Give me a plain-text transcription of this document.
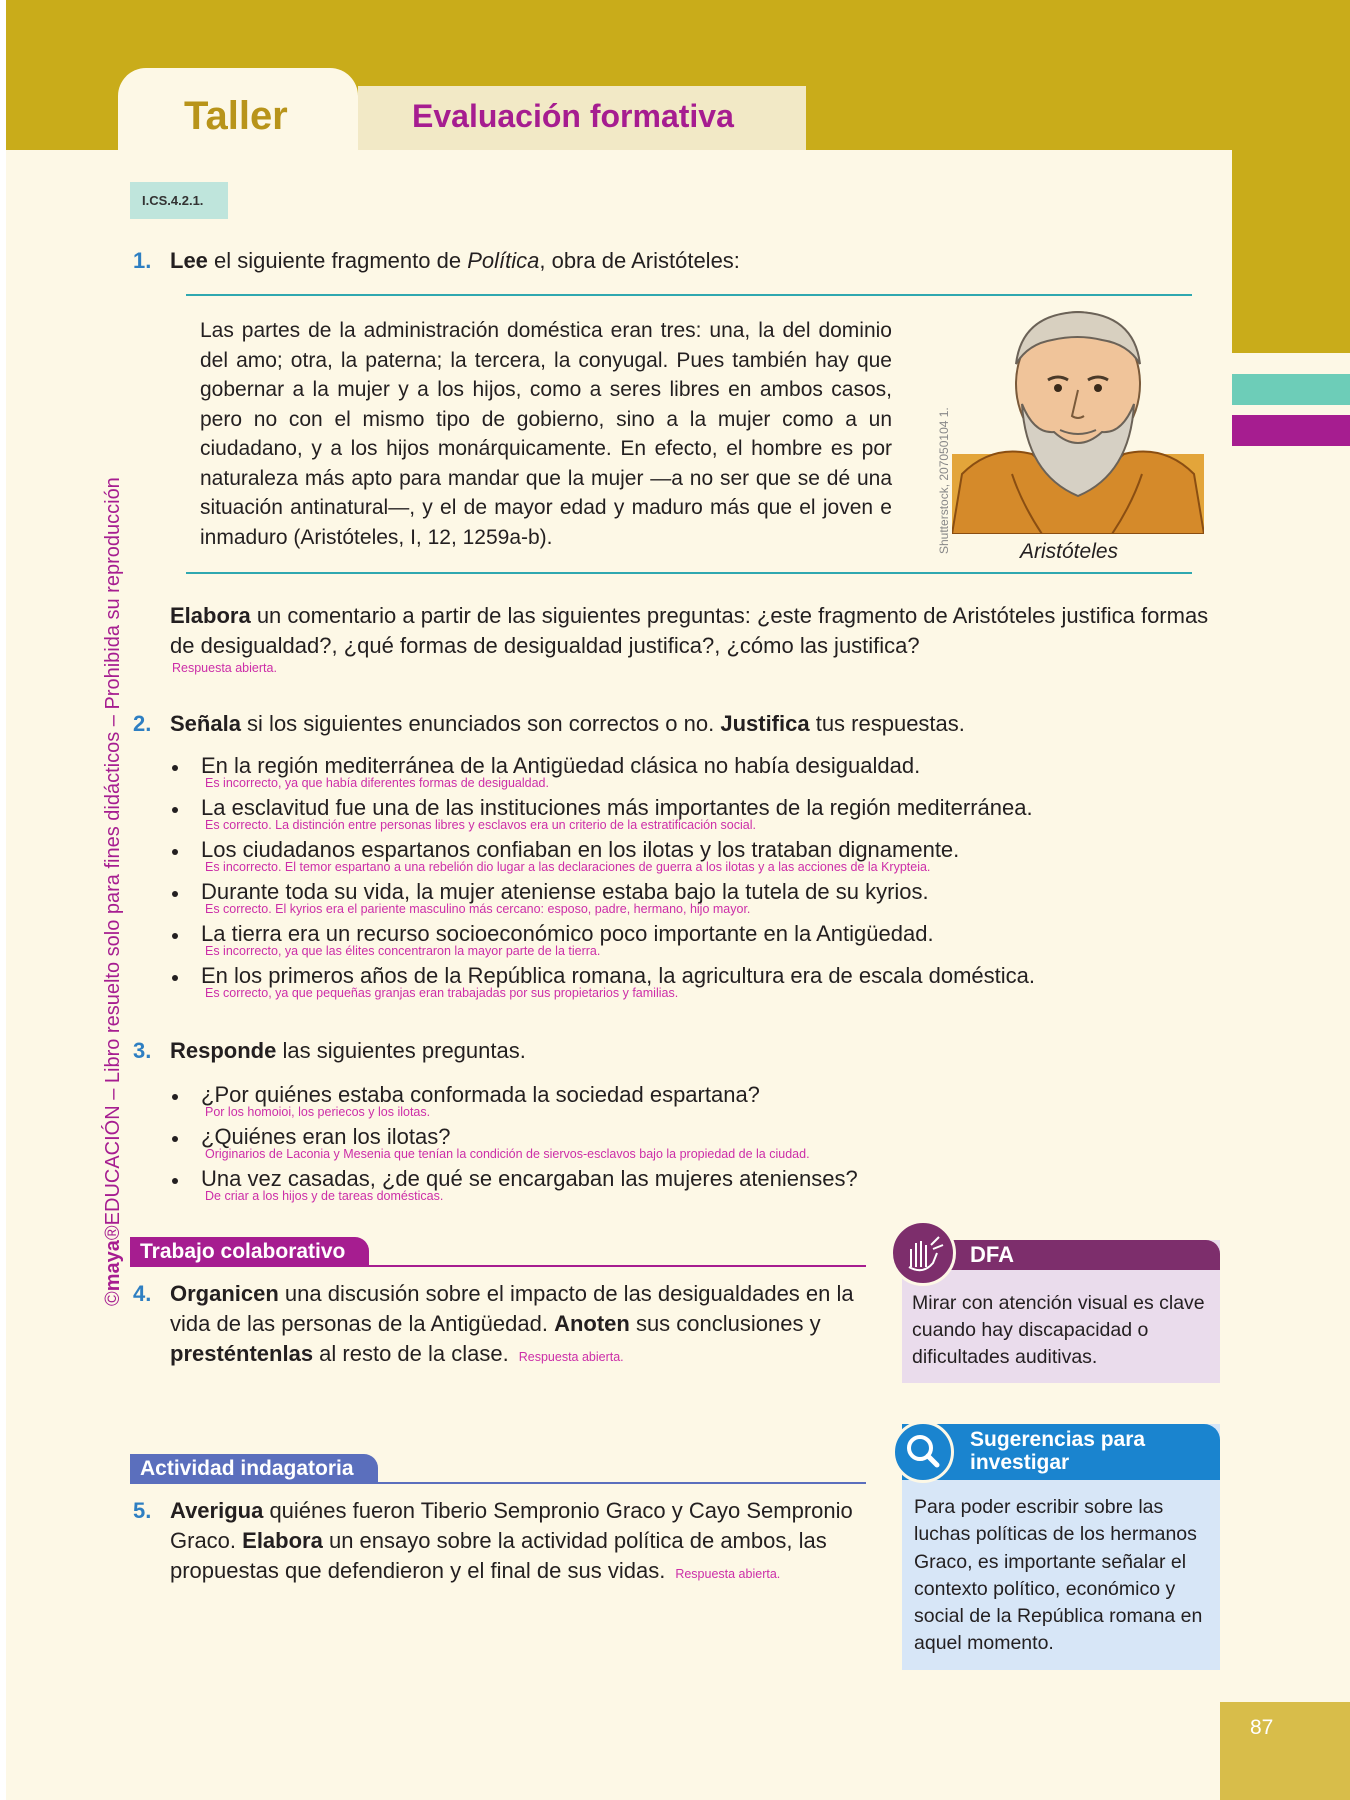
Taller	Evaluación formativa
I.CS.4.2.1.
©maya®EDUCACIÓN – Libro resuelto solo para fines didácticos – Prohibida su reproducción
1. Lee el siguiente fragmento de Política, obra de Aristóteles:

Las partes de la administración doméstica eran tres: una, la del dominio del amo; otra, la paterna; la tercera, la conyugal. Pues también hay que gobernar a la mujer y a los hijos, como a seres libres en ambos casos, pero no con el mismo tipo de gobierno, sino a la mujer como a un ciudadano, y a los hijos monárquicamente. En efecto, el hombre es por naturaleza más apto para mandar que la mujer —a no ser que se dé una situación antinatural—, y el de mayor edad y maduro más que el joven e inmaduro (Aristóteles, I, 12, 1259a-b).	Shutterstock, 207050104 1.	Aristóteles
Elabora un comentario a partir de las siguientes preguntas: ¿este fragmento de Aristóteles justifica formas de desigualdad?, ¿qué formas de desigualdad justifica?, ¿cómo las justifica?
Respuesta abierta.
2. Señala si los siguientes enunciados son correctos o no. Justifica tus respuestas.
En la región mediterránea de la Antigüedad clásica no había desigualdad.
Es incorrecto, ya que había diferentes formas de desigualdad.
La esclavitud fue una de las instituciones más importantes de la región mediterránea.
Es correcto. La distinción entre personas libres y esclavos era un criterio de la estratificación social.
Los ciudadanos espartanos confiaban en los ilotas y los trataban dignamente.
Es incorrecto. El temor espartano a una rebelión dio lugar a las declaraciones de guerra a los ilotas y a las acciones de la Krypteia.
Durante toda su vida, la mujer ateniense estaba bajo la tutela de su kyrios.
Es correcto. El kyrios era el pariente masculino más cercano: esposo, padre, hermano, hijo mayor.
La tierra era un recurso socioeconómico poco importante en la Antigüedad.
Es incorrecto, ya que las élites concentraron la mayor parte de la tierra.
En los primeros años de la República romana, la agricultura era de escala doméstica.
Es correcto, ya que pequeñas granjas eran trabajadas por sus propietarios y familias.
3. Responde las siguientes preguntas.
¿Por quiénes estaba conformada la sociedad espartana?
Por los homoioi, los periecos y los ilotas.
¿Quiénes eran los ilotas?
Originarios de Laconia y Mesenia que tenían la condición de siervos-esclavos bajo la propiedad de la ciudad.
Una vez casadas, ¿de qué se encargaban las mujeres atenienses?
De criar a los hijos y de tareas domésticas.
Trabajo colaborativo
4. Organicen una discusión sobre el impacto de las desigualdades en la vida de las personas de la Antigüedad. Anoten sus conclusiones y presténtenlas al resto de la clase. Respuesta abierta.
DFA

Mirar con atención visual es clave cuando hay discapacidad o dificultades auditivas.

Actividad indagatoria
5. Averigua quiénes fueron Tiberio Sempronio Graco y Cayo Sempronio Graco. Elabora un ensayo sobre la actividad política de ambos, las propuestas que defendieron y el final de sus vidas. Respuesta abierta.
Sugerencias para investigar

Para poder escribir sobre las luchas políticas de los hermanos Graco, es importante señalar el contexto político, económico y social de la República romana en aquel momento.

87
